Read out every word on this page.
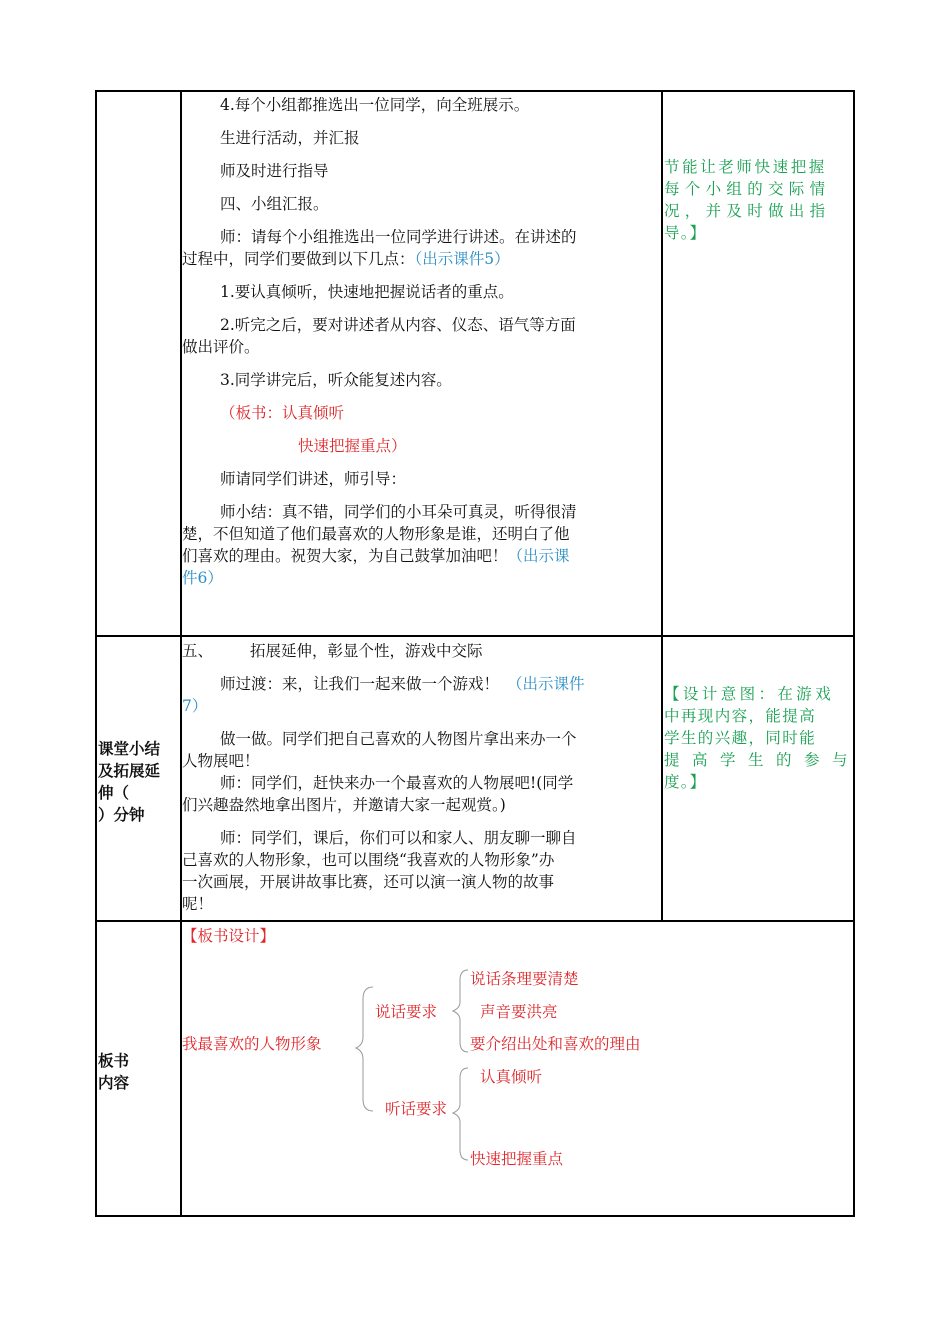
4.每个小组都推选出一位同学，向全班展示。
生进行活动，并汇报
师及时进行指导
四、小组汇报。
师：请每个小组推选出一位同学进行讲述。在讲述的
过程中，同学们要做到以下几点：（出示课件5）
1.要认真倾听，快速地把握说话者的重点。
2.听完之后，要对讲述者从内容、仪态、语气等方面
做出评价。
3.同学讲完后，听众能复述内容。
（板书：认真倾听
快速把握重点）
师请同学们讲述，师引导：
师小结：真不错，同学们的小耳朵可真灵，听得很清
楚，不但知道了他们最喜欢的人物形象是谁，还明白了他
们喜欢的理由。祝贺大家，为自己鼓掌加油吧！（出示课
件6）
节能让老师快速把握
每个小组的交际情
况，并及时做出指
导。】
课堂小结
及拓展延
伸（
）分钟
五、 拓展延伸，彰显个性，游戏中交际
师过渡：来，让我们一起来做一个游戏！ （出示课件
7）
做一做。同学们把自己喜欢的人物图片拿出来办一个
人物展吧！
师：同学们，赶快来办一个最喜欢的人物展吧!(同学
们兴趣盎然地拿出图片，并邀请大家一起观赏。)
师：同学们，课后，你们可以和家人、朋友聊一聊自
己喜欢的人物形象，也可以围绕“我喜欢的人物形象”办
一次画展，开展讲故事比赛，还可以演一演人物的故事
呢！
【设计意图：在游戏
中再现内容，能提高
学生的兴趣，同时能
提高学生的参与
度。】
板书
内容
【板书设计】
我最喜欢的人物形象
说话要求
说话条理要清楚
声音要洪亮
要介绍出处和喜欢的理由
听话要求
认真倾听
快速把握重点
